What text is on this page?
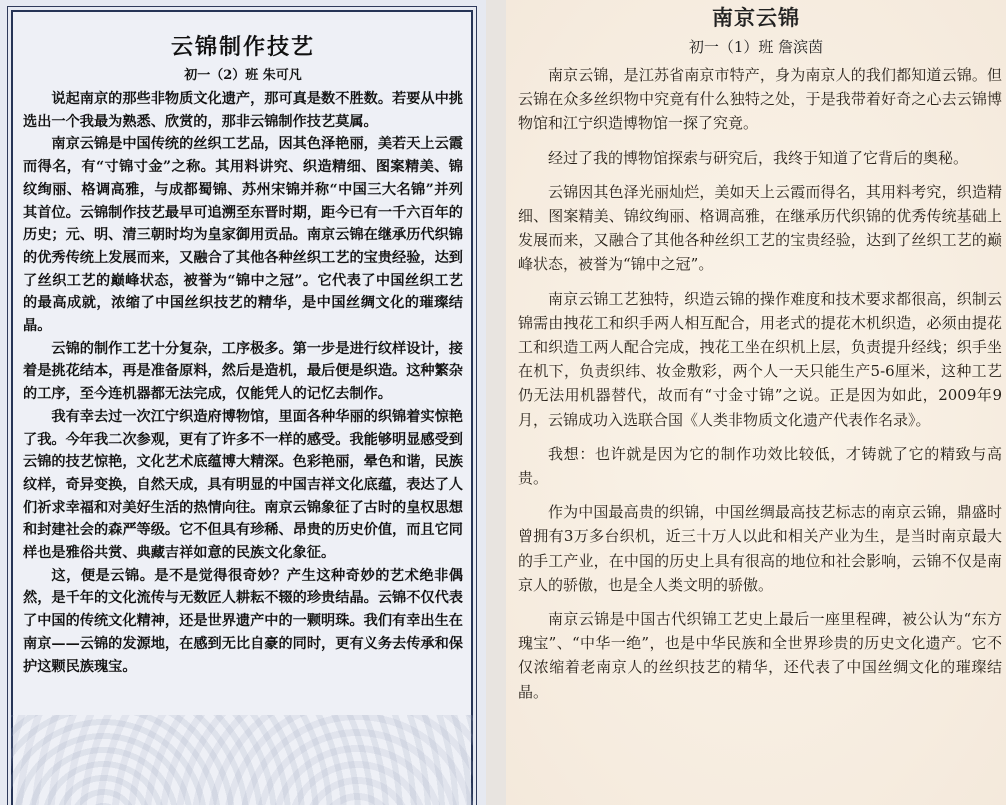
云锦制作技艺
初一（2）班 朱可凡

说起南京的那些非物质文化遗产，那可真是数不胜数。若要从中挑选出一个我最为熟悉、欣赏的，那非云锦制作技艺莫属。

南京云锦是中国传统的丝织工艺品，因其色泽艳丽，美若天上云霞而得名，有“寸锦寸金”之称。其用料讲究、织造精细、图案精美、锦纹绚丽、格调高雅，与成都蜀锦、苏州宋锦并称“中国三大名锦”并列其首位。云锦制作技艺最早可追溯至东晋时期，距今已有一千六百年的历史；元、明、清三朝时均为皇家御用贡品。南京云锦在继承历代织锦的优秀传统上发展而来，又融合了其他各种丝织工艺的宝贵经验，达到了丝织工艺的巅峰状态，被誉为“锦中之冠”。它代表了中国丝织工艺的最高成就，浓缩了中国丝织技艺的精华，是中国丝绸文化的璀璨结晶。

云锦的制作工艺十分复杂，工序极多。第一步是进行纹样设计，接着是挑花结本，再是准备原料，然后是造机，最后便是织造。这种繁杂的工序，至今连机器都无法完成，仅能凭人的记忆去制作。

我有幸去过一次江宁织造府博物馆，里面各种华丽的织锦着实惊艳了我。今年我二次参观，更有了许多不一样的感受。我能够明显感受到云锦的技艺惊艳，文化艺术底蕴博大精深。色彩艳丽，晕色和谐，民族纹样，奇异变换，自然天成，具有明显的中国吉祥文化底蕴，表达了人们祈求幸福和对美好生活的热情向往。南京云锦象征了古时的皇权思想和封建社会的森严等级。它不但具有珍稀、昂贵的历史价值，而且它同样也是雅俗共赏、典藏吉祥如意的民族文化象征。

这，便是云锦。是不是觉得很奇妙？产生这种奇妙的艺术绝非偶然，是千年的文化流传与无数匠人耕耘不辍的珍贵结晶。云锦不仅代表了中国的传统文化精神，还是世界遗产中的一颗明珠。我们有幸出生在南京——云锦的发源地，在感到无比自豪的同时，更有义务去传承和保护这颗民族瑰宝。

南京云锦
初一（1）班 詹滨茵

南京云锦，是江苏省南京市特产，身为南京人的我们都知道云锦。但云锦在众多丝织物中究竟有什么独特之处，于是我带着好奇之心去云锦博物馆和江宁织造博物馆一探了究竟。

经过了我的博物馆探索与研究后，我终于知道了它背后的奥秘。

云锦因其色泽光丽灿烂，美如天上云霞而得名，其用料考究，织造精细、图案精美、锦纹绚丽、格调高雅，在继承历代织锦的优秀传统基础上发展而来，又融合了其他各种丝织工艺的宝贵经验，达到了丝织工艺的巅峰状态，被誉为“锦中之冠”。

南京云锦工艺独特，织造云锦的操作难度和技术要求都很高，织制云锦需由拽花工和织手两人相互配合，用老式的提花木机织造，必须由提花工和织造工两人配合完成，拽花工坐在织机上层，负责提升经线；织手坐在机下，负责织纬、妆金敷彩，两个人一天只能生产5-6厘米，这种工艺仍无法用机器替代，故而有“寸金寸锦”之说。正是因为如此，2009年9月，云锦成功入选联合国《人类非物质文化遗产代表作名录》。

我想：也许就是因为它的制作功效比较低，才铸就了它的精致与高贵。

作为中国最高贵的织锦，中国丝绸最高技艺标志的南京云锦，鼎盛时曾拥有3万多台织机，近三十万人以此和相关产业为生，是当时南京最大的手工产业，在中国的历史上具有很高的地位和社会影响，云锦不仅是南京人的骄傲，也是全人类文明的骄傲。

南京云锦是中国古代织锦工艺史上最后一座里程碑，被公认为“东方瑰宝”、“中华一绝”，也是中华民族和全世界珍贵的历史文化遗产。它不仅浓缩着老南京人的丝织技艺的精华，还代表了中国丝绸文化的璀璨结晶。
